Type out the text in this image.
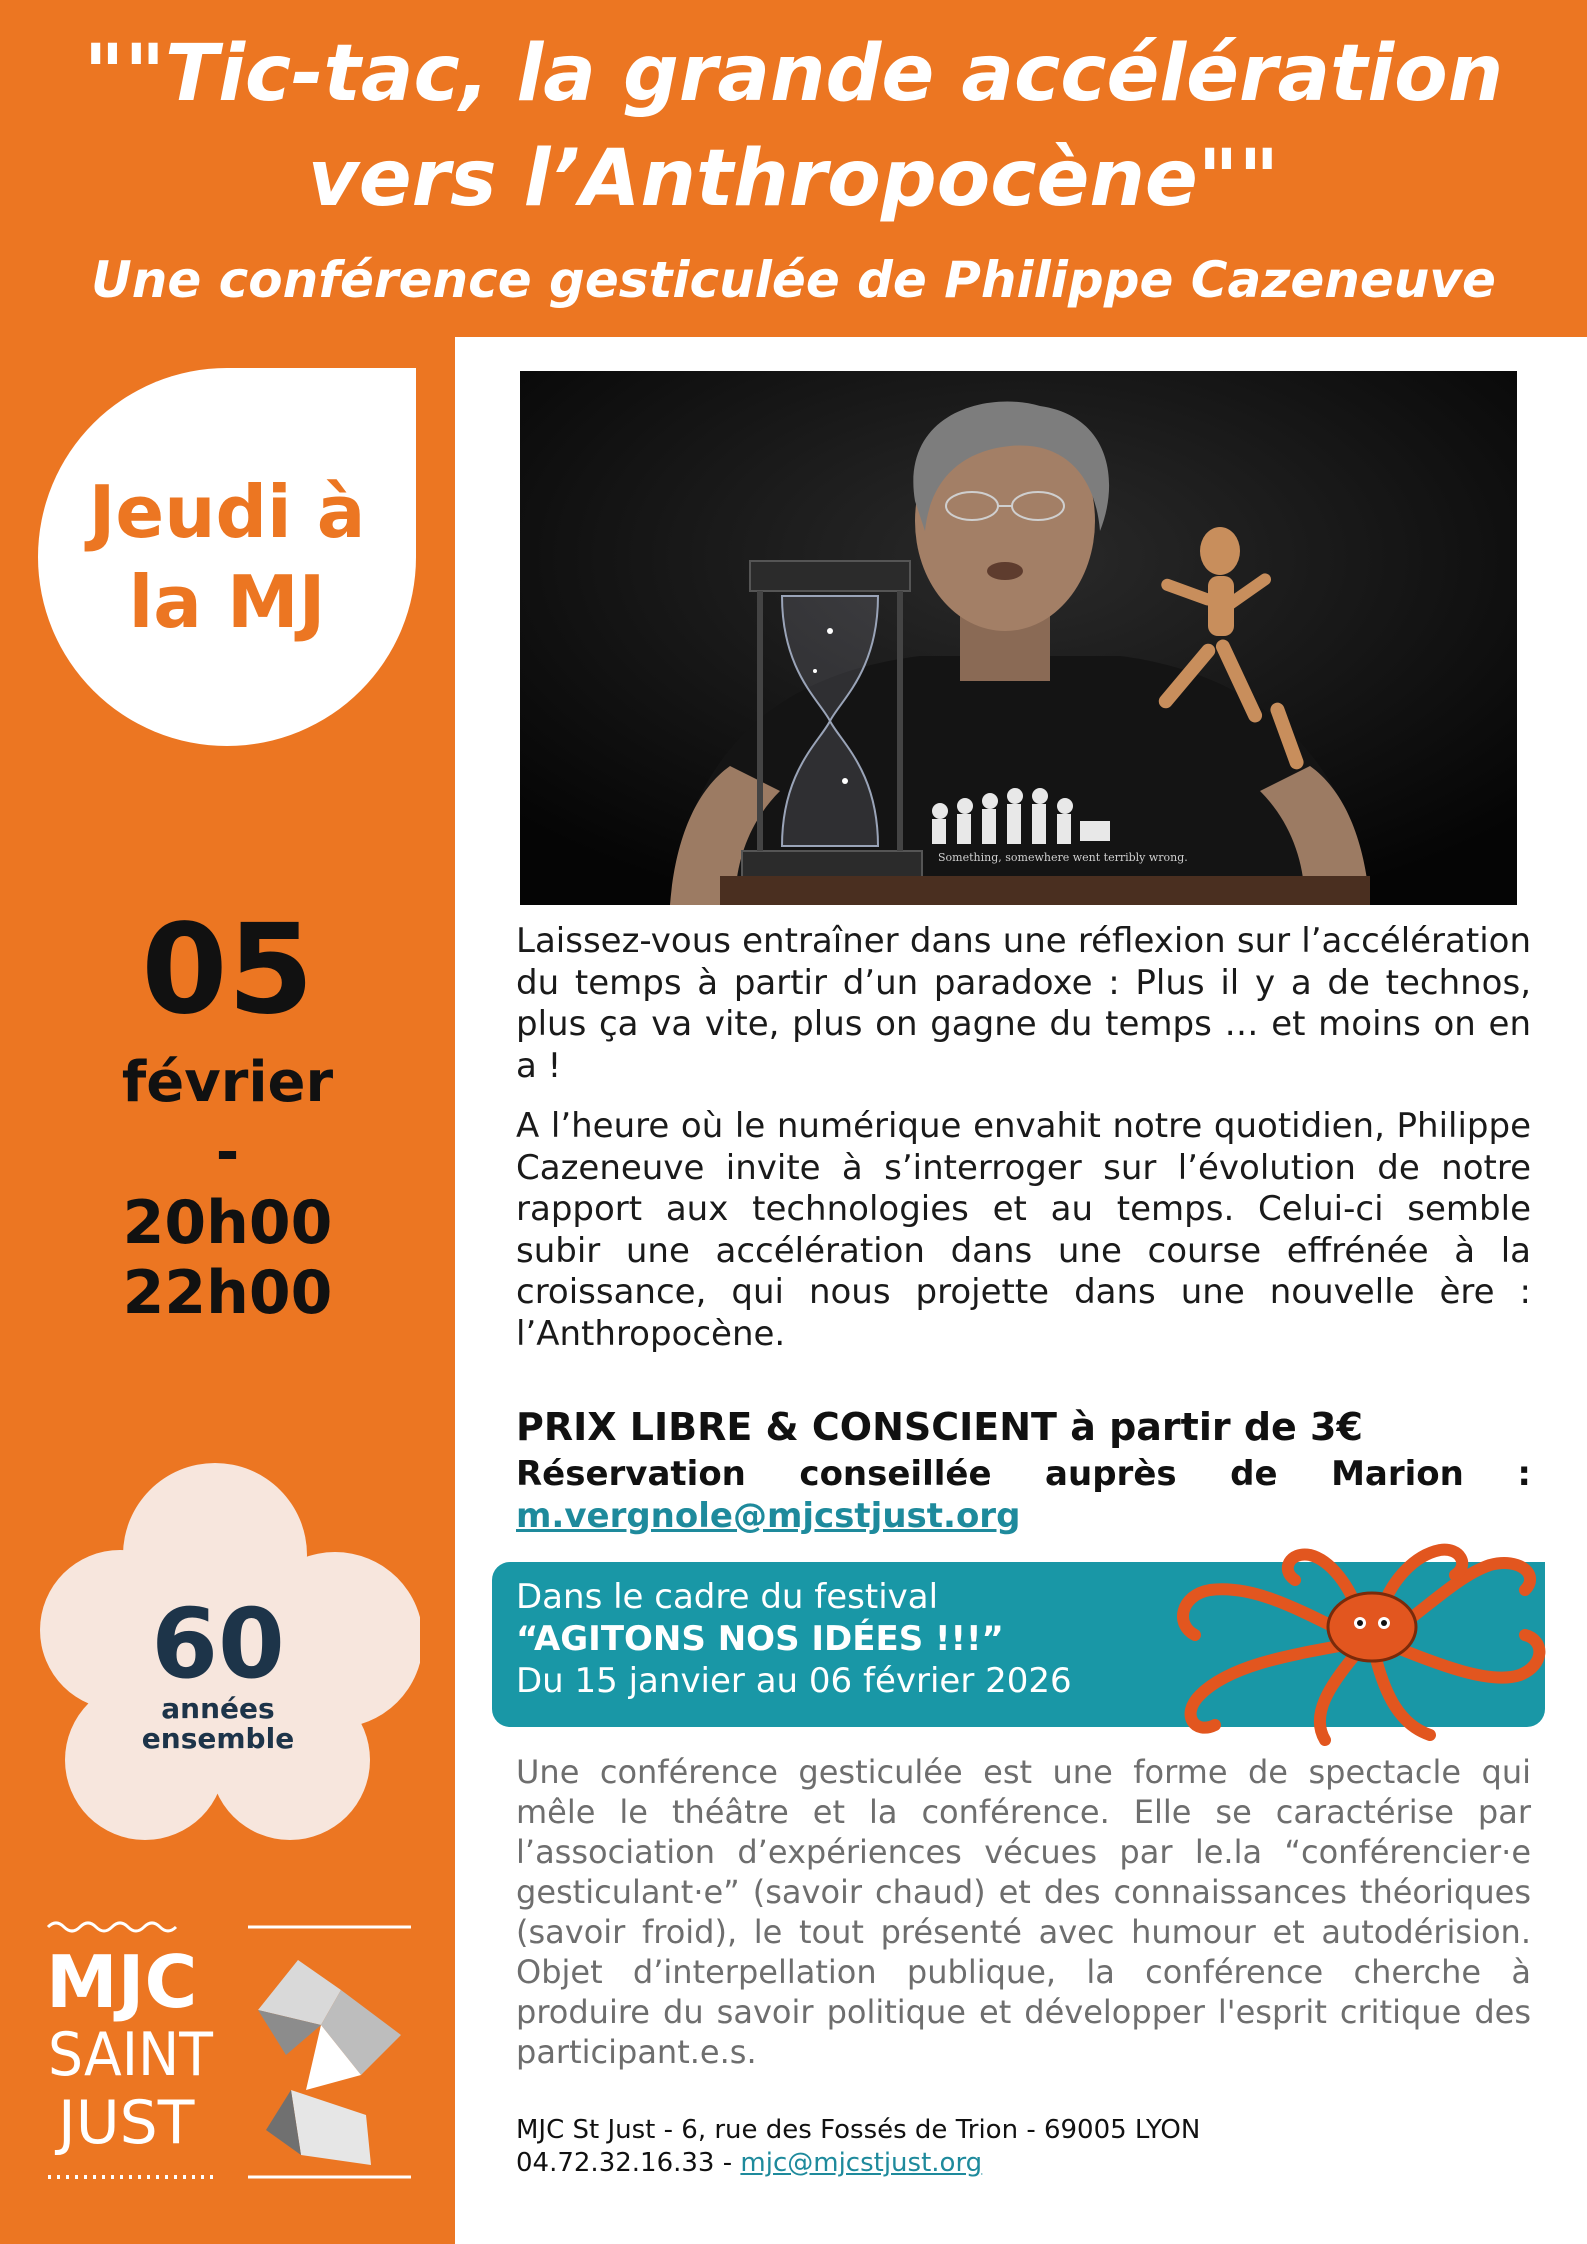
""Tic-tac, la grande accélération
vers l’Anthropocène""
Une conférence gesticulée de Philippe Cazeneuve
Jeudi à
la MJ
05
février
-
20h00
22h00
60
années
ensemble
MJC
SAINT
JUST
Something, somewhere went terribly wrong.

Laissez-vous entraîner dans une réflexion sur l’accélération du temps à partir d’un paradoxe : Plus il y a de technos, plus ça va vite, plus on gagne du temps … et moins on en a !

A l’heure où le numérique envahit notre quotidien, Philippe Cazeneuve invite à s’interroger sur l’évolution de notre rapport aux technologies et au temps. Celui-ci semble subir une accélération dans une course effrénée à la croissance, qui nous projette dans une nouvelle ère : l’Anthropocène.

PRIX LIBRE & CONSCIENT à partir de 3€
Réservation conseillée auprès de Marion :
m.vergnole@mjcstjust.org
Dans le cadre du festival
“AGITONS NOS IDÉES !!!”
Du 15 janvier au 06 février 2026

Une conférence gesticulée est une forme de spectacle qui mêle le théâtre et la conférence. Elle se caractérise par l’association d’expériences vécues par le.la “conférencier·e gesticulant·e” (savoir chaud) et des connaissances théoriques (savoir froid), le tout présenté avec humour et autodérision. Objet d’interpellation publique, la conférence cherche à produire du savoir politique et développer l'esprit critique des participant.e.s.

MJC St Just - 6, rue des Fossés de Trion - 69005 LYON
04.72.32.16.33 - mjc@mjcstjust.org
